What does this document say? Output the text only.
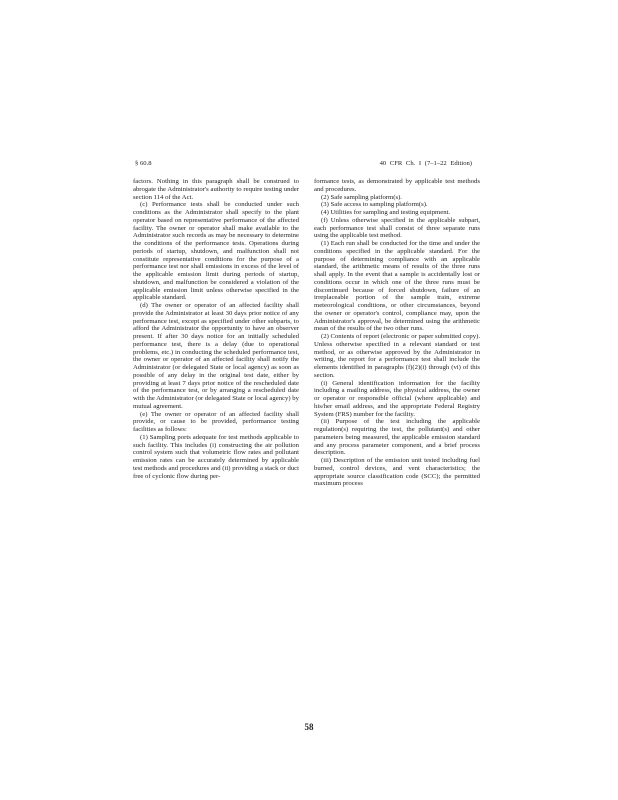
§ 60.8	40 CFR Ch. I (7–1–22 Edition)

factors. Nothing in this paragraph shall be construed to abrogate the Administrator's authority to require testing under section 114 of the Act.

(c) Performance tests shall be conducted under such conditions as the Administrator shall specify to the plant operator based on representative performance of the affected facility. The owner or operator shall make available to the Administrator such records as may be necessary to determine the conditions of the performance tests. Operations during periods of startup, shutdown, and malfunction shall not constitute representative conditions for the purpose of a performance test nor shall emissions in excess of the level of the applicable emission limit during periods of startup, shutdown, and malfunction be considered a violation of the applicable emission limit unless otherwise specified in the applicable standard.

(d) The owner or operator of an affected facility shall provide the Administrator at least 30 days prior notice of any performance test, except as specified under other subparts, to afford the Administrator the opportunity to have an observer present. If after 30 days notice for an initially scheduled performance test, there is a delay (due to operational problems, etc.) in conducting the scheduled performance test, the owner or operator of an affected facility shall notify the Administrator (or delegated State or local agency) as soon as possible of any delay in the original test date, either by providing at least 7 days prior notice of the rescheduled date of the performance test, or by arranging a rescheduled date with the Administrator (or delegated State or local agency) by mutual agreement.

(e) The owner or operator of an affected facility shall provide, or cause to be provided, performance testing facilities as follows:

(1) Sampling ports adequate for test methods applicable to such facility. This includes (i) constructing the air pollution control system such that volumetric flow rates and pollutant emission rates can be accurately determined by applicable test methods and procedures and (ii) providing a stack or duct free of cyclonic flow during per-

formance tests, as demonstrated by applicable test methods and procedures.

(2) Safe sampling platform(s).

(3) Safe access to sampling platform(s).

(4) Utilities for sampling and testing equipment.

(f) Unless otherwise specified in the applicable subpart, each performance test shall consist of three separate runs using the applicable test method.

(1) Each run shall be conducted for the time and under the conditions specified in the applicable standard. For the purpose of determining compliance with an applicable standard, the arithmetic means of results of the three runs shall apply. In the event that a sample is accidentally lost or conditions occur in which one of the three runs must be discontinued because of forced shutdown, failure of an irreplaceable portion of the sample train, extreme meteorological conditions, or other circumstances, beyond the owner or operator's control, compliance may, upon the Administrator's approval, be determined using the arithmetic mean of the results of the two other runs.

(2) Contents of report (electronic or paper submitted copy). Unless otherwise specified in a relevant standard or test method, or as otherwise approved by the Administrator in writing, the report for a performance test shall include the elements identified in paragraphs (f)(2)(i) through (vi) of this section.

(i) General identification information for the facility including a mailing address, the physical address, the owner or operator or responsible official (where applicable) and his/her email address, and the appropriate Federal Registry System (FRS) number for the facility.

(ii) Purpose of the test including the applicable regulation(s) requiring the test, the pollutant(s) and other parameters being measured, the applicable emission standard and any process parameter component, and a brief process description.

(iii) Description of the emission unit tested including fuel burned, control devices, and vent characteristics; the appropriate source classification code (SCC); the permitted maximum process

58
